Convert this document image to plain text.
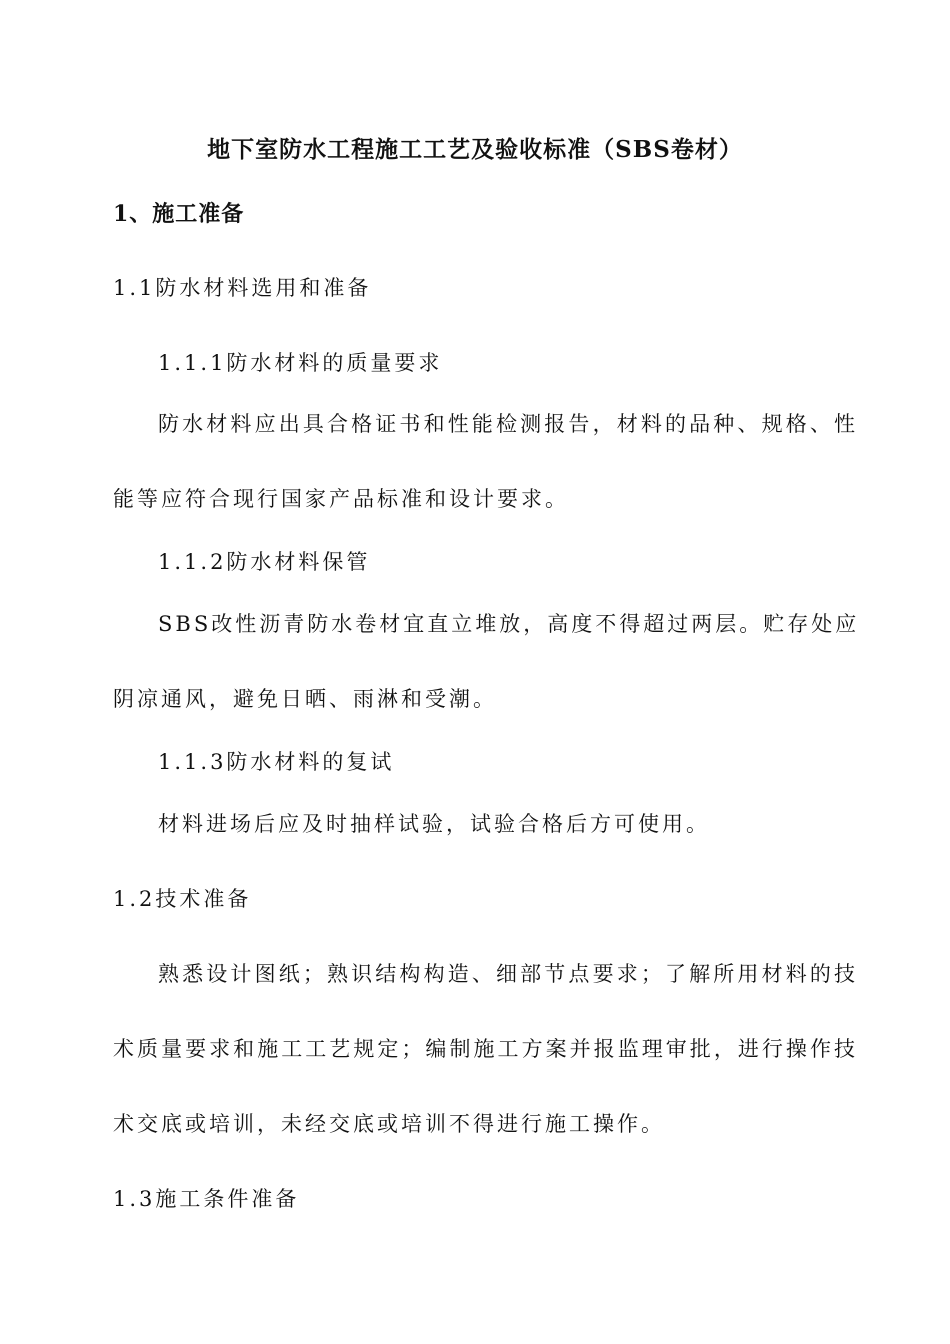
地下室防水工程施工工艺及验收标准（SBS卷材）
1、施工准备
1.1防水材料选用和准备
1.1.1防水材料的质量要求
防水材料应出具合格证书和性能检测报告，材料的品种、规格、性
能等应符合现行国家产品标准和设计要求。
1.1.2防水材料保管
SBS改性沥青防水卷材宜直立堆放，高度不得超过两层。贮存处应
阴凉通风，避免日晒、雨淋和受潮。
1.1.3防水材料的复试
材料进场后应及时抽样试验，试验合格后方可使用。
1.2技术准备
熟悉设计图纸；熟识结构构造、细部节点要求；了解所用材料的技
术质量要求和施工工艺规定；编制施工方案并报监理审批，进行操作技
术交底或培训，未经交底或培训不得进行施工操作。
1.3施工条件准备
